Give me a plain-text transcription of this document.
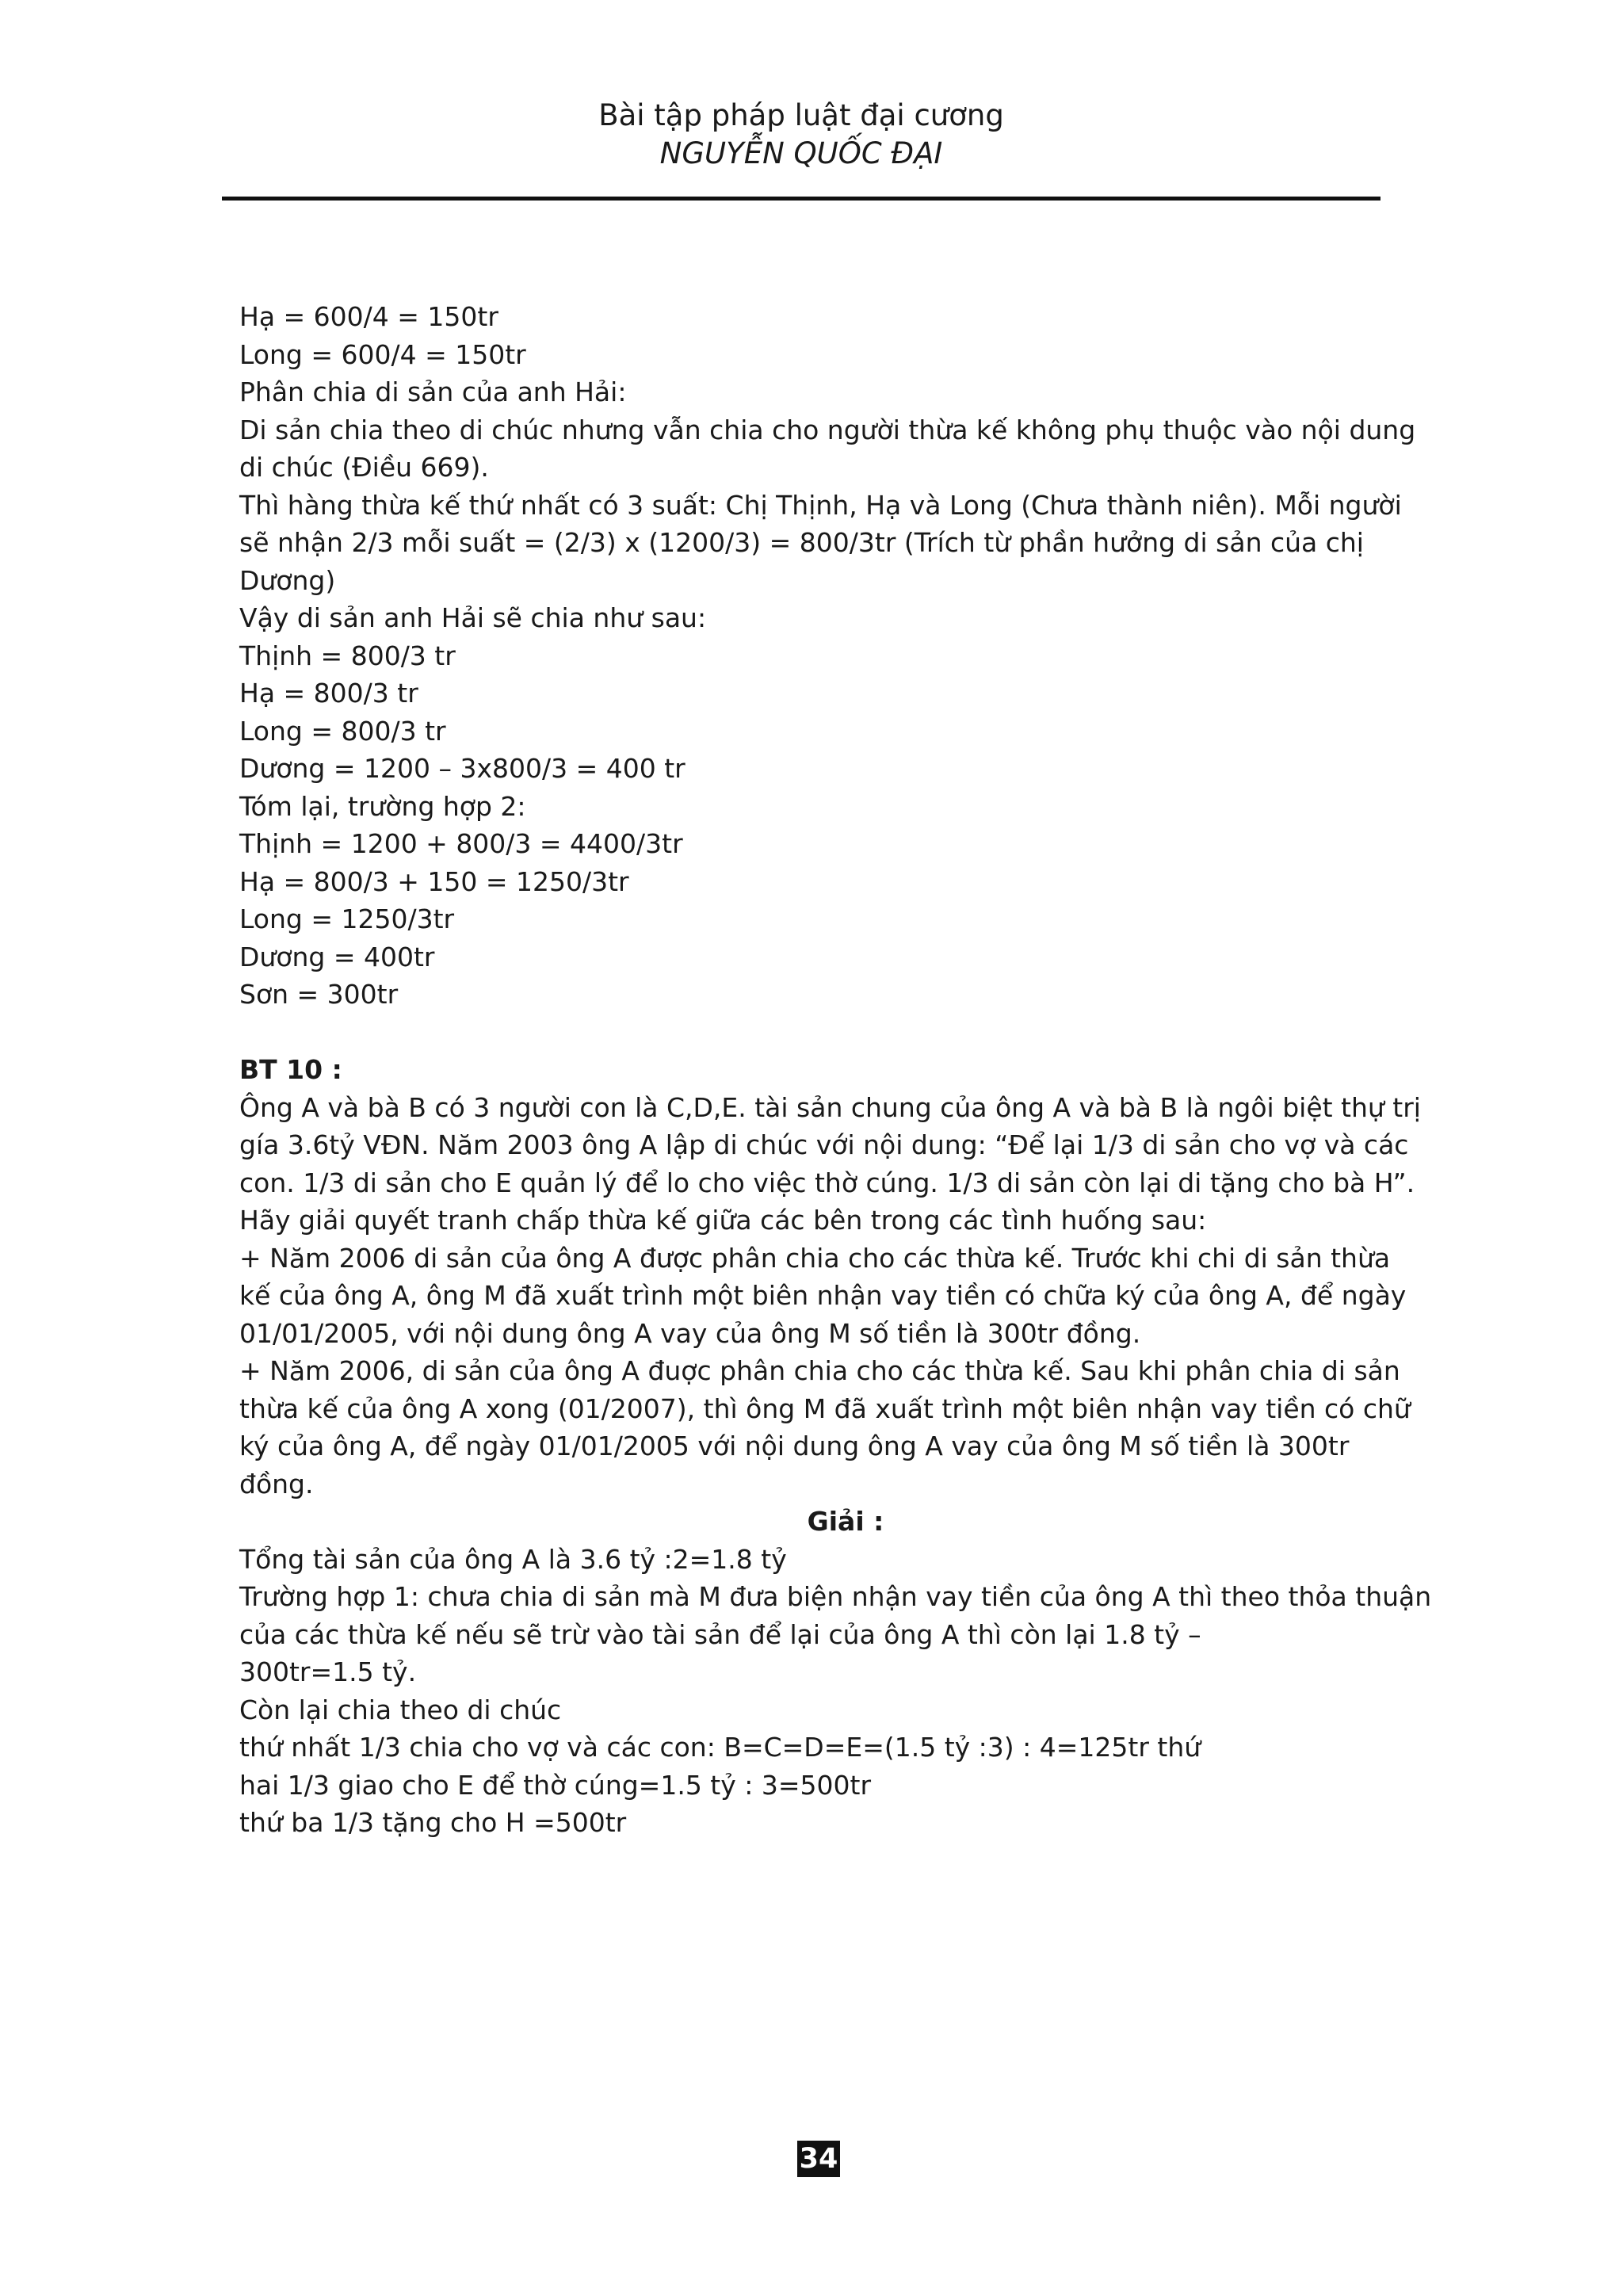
Bài tập pháp luật đại cương
NGUYỄN QUỐC ĐẠI

Hạ = 600/4 = 150tr

Long = 600/4 = 150tr

Phân chia di sản của anh Hải:

Di sản chia theo di chúc nhưng vẫn chia cho người thừa kế không phụ thuộc vào nội dung

di chúc (Điều 669).

Thì hàng thừa kế thứ nhất có 3 suất: Chị Thịnh, Hạ và Long (Chưa thành niên). Mỗi người

sẽ nhận 2/3 mỗi suất = (2/3) x (1200/3) = 800/3tr (Trích từ phần hưởng di sản của chị

Dương)

Vậy di sản anh Hải sẽ chia như sau:

Thịnh = 800/3 tr

Hạ = 800/3 tr

Long = 800/3 tr

Dương = 1200 – 3x800/3 = 400 tr

Tóm lại, trường hợp 2:

Thịnh = 1200 + 800/3 = 4400/3tr

Hạ = 800/3 + 150 = 1250/3tr

Long = 1250/3tr

Dương = 400tr

Sơn = 300tr

BT 10 :

Ông A và bà B có 3 người con là C,D,E. tài sản chung của ông A và bà B là ngôi biệt thự trị

gía 3.6tỷ VĐN. Năm 2003 ông A lập di chúc với nội dung: “Để lại 1/3 di sản cho vợ và các

con. 1/3 di sản cho E quản lý để lo cho việc thờ cúng. 1/3 di sản còn lại di tặng cho bà H”.

Hãy giải quyết tranh chấp thừa kế giữa các bên trong các tình huống sau:

+ Năm 2006 di sản của ông A được phân chia cho các thừa kế. Trước khi chi di sản thừa

kế của ông A, ông M đã xuất trình một biên nhận vay tiền có chữa ký của ông A, để ngày

01/01/2005, với nội dung ông A vay của ông M số tiền là 300tr đồng.

+ Năm 2006, di sản của ông A đuợc phân chia cho các thừa kế. Sau khi phân chia di sản

thừa kế của ông A xong (01/2007), thì ông M đã xuất trình một biên nhận vay tiền có chữ

ký của ông A, để ngày 01/01/2005 với nội dung ông A vay của ông M số tiền là 300tr

đồng.

Giải :

Tổng tài sản của ông A là 3.6 tỷ :2=1.8 tỷ

Trường hợp 1: chưa chia di sản mà M đưa biện nhận vay tiền của ông A thì theo thỏa thuận

của các thừa kế nếu sẽ trừ vào tài sản để lại của ông A thì còn lại 1.8 tỷ –

300tr=1.5 tỷ.

Còn lại chia theo di chúc

thứ nhất 1/3 chia cho vợ và các con: B=C=D=E=(1.5 tỷ :3) : 4=125tr thứ

hai 1/3 giao cho E để thờ cúng=1.5 tỷ : 3=500tr

thứ ba 1/3 tặng cho H =500tr

34
